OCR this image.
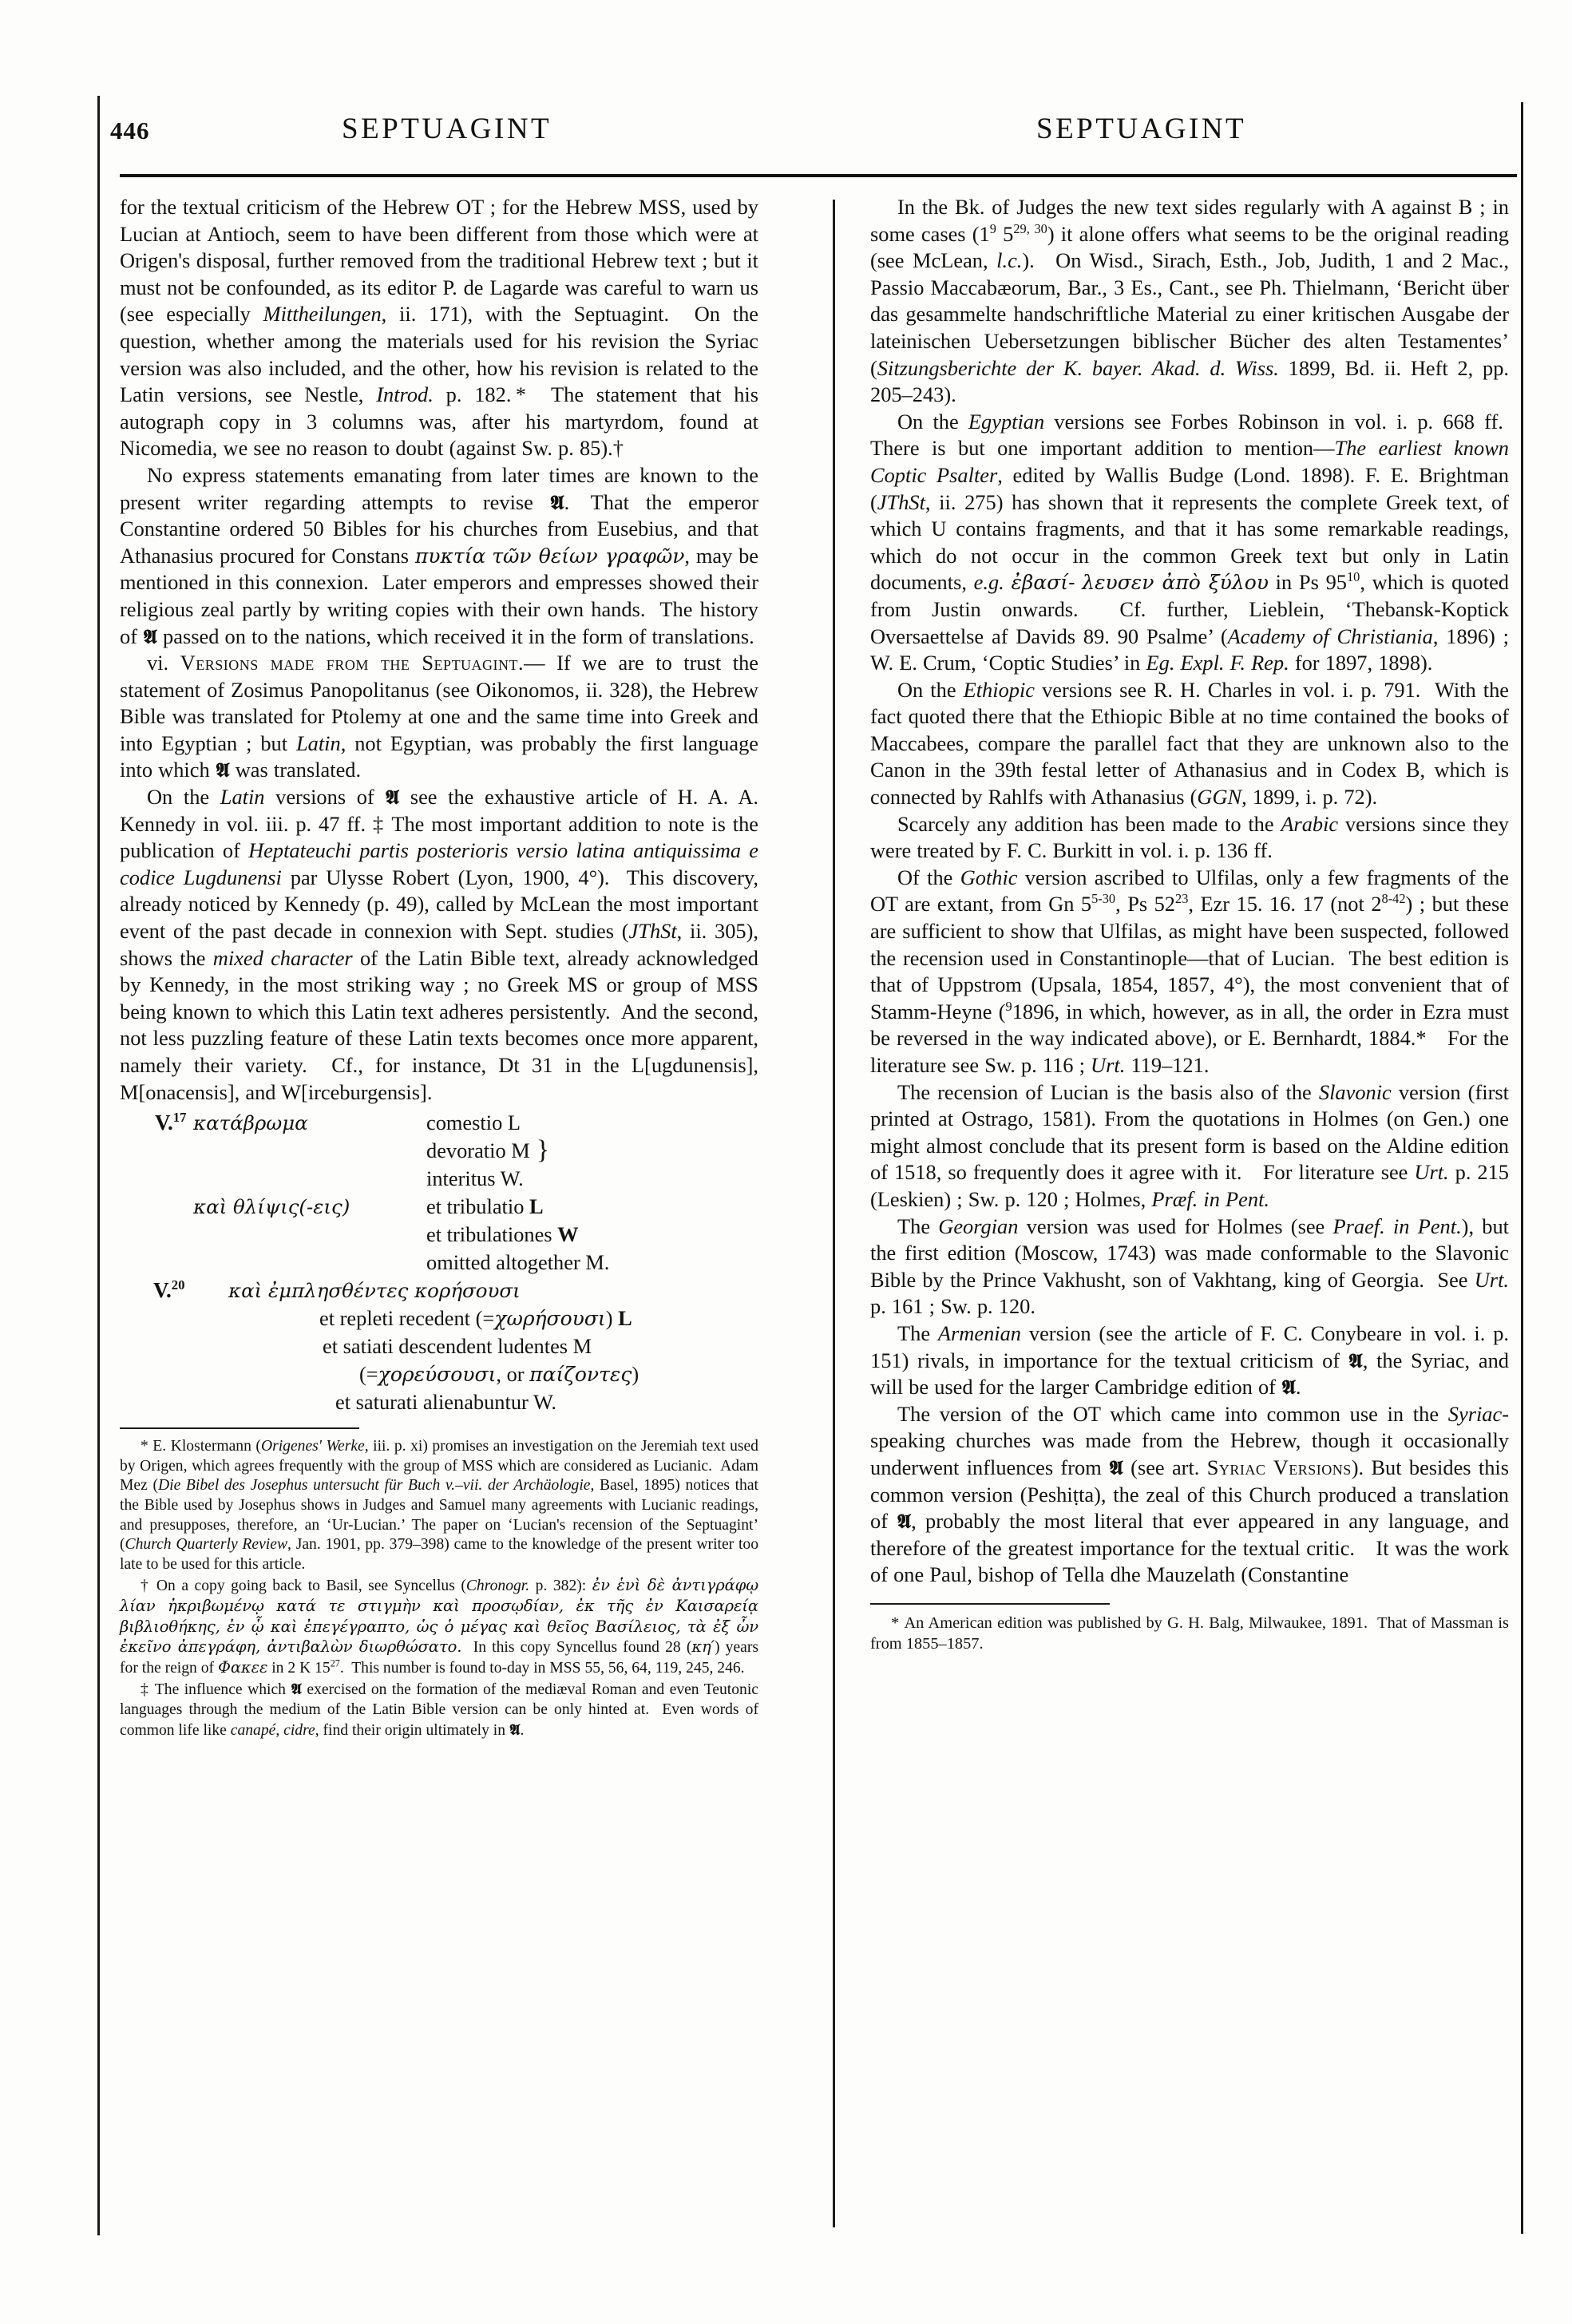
446	SEPTUAGINT	SEPTUAGINT

for the textual criticism of the Hebrew OT ; for the Hebrew MSS, used by Lucian at Antioch, seem to have been different from those which were at Origen's disposal, further removed from the traditional Hebrew text ; but it must not be confounded, as its editor P. de Lagarde was careful to warn us (see especially Mittheilungen, ii. 171), with the Septuagint.  On the question, whether among the materials used for his revision the Syriac version was also included, and the other, how his revision is related to the Latin versions, see Nestle, Introd. p. 182. *  The statement that his autograph copy in 3 columns was, after his martyrdom, found at Nicomedia, we see no reason to doubt (against Sw. p. 85).†

No express statements emanating from later times are known to the present writer regarding attempts to revise 𝕬. That the emperor Constantine ordered 50 Bibles for his churches from Eusebius, and that Athanasius procured for Constans πυκτία τῶν θείων γραφῶν, may be mentioned in this connexion.  Later emperors and empresses showed their religious zeal partly by writing copies with their own hands.  The history of 𝕬 passed on to the nations, which received it in the form of translations.

vi. Versions made from the Septuagint.— If we are to trust the statement of Zosimus Panopolitanus (see Oikonomos, ii. 328), the Hebrew Bible was translated for Ptolemy at one and the same time into Greek and into Egyptian ; but Latin, not Egyptian, was probably the first language into which 𝕬 was translated.

On the Latin versions of 𝕬 see the exhaustive article of H. A. A. Kennedy in vol. iii. p. 47 ff. ‡ The most important addition to note is the publication of Heptateuchi partis posterioris versio latina antiquissima e codice Lugdunensi par Ulysse Robert (Lyon, 1900, 4°).  This discovery, already noticed by Kennedy (p. 49), called by McLean the most important event of the past decade in connexion with Sept. studies (JThSt, ii. 305), shows the mixed character of the Latin Bible text, already acknowledged by Kennedy, in the most striking way ; no Greek MS or group of MSS being known to which this Latin text adheres persistently.  And the second, not less puzzling feature of these Latin texts becomes once more apparent, namely their variety.  Cf., for instance, Dt 31 in the L[ugdunensis], M[onacensis], and W[irceburgensis].

V.$^{17}$ κατάβρωμα	comestio L
devoratio M }
interitus W.
καὶ θλίψις(-εις)	et tribulatio L
et tribulationes W
omitted altogether M.
V.$^{20}$	καὶ ἐμπλησθέντες κορήσουσι
et repleti recedent (=χωρήσουσι) L
et satiati descendent ludentes M
(=χορεύσουσι, or παίζοντες)
et saturati alienabuntur W.

* E. Klostermann (Origenes' Werke, iii. p. xi) promises an investigation on the Jeremiah text used by Origen, which agrees frequently with the group of MSS which are considered as Lucianic.  Adam Mez (Die Bibel des Josephus untersucht für Buch v.–vii. der Archäologie, Basel, 1895) notices that the Bible used by Josephus shows in Judges and Samuel many agreements with Lucianic readings, and presupposes, therefore, an ‘Ur-Lucian.’ The paper on ‘Lucian's recension of the Septuagint’ (Church Quarterly Review, Jan. 1901, pp. 379–398) came to the knowledge of the present writer too late to be used for this article.

† On a copy going back to Basil, see Syncellus (Chronogr. p. 382): ἐν ἑνὶ δὲ ἀντιγράφῳ λίαν ἠκριβωμένῳ κατά τε στιγμὴν καὶ προσῳδίαν, ἐκ τῆς ἐν Καισαρείᾳ βιβλιοθήκης, ἐν ᾧ καὶ ἐπεγέγραπτο, ὡς ὁ μέγας καὶ θεῖος Βασίλειος, τὰ ἐξ ὧν ἐκεῖνο ἀπεγράφη, ἀντιβαλὼν διωρθώσατο.  In this copy Syncellus found 28 (κη′) years for the reign of Φακεε in 2 K $15^{27}$.  This number is found to-day in MSS 55, 56, 64, 119, 245, 246.

‡ The influence which 𝕬 exercised on the formation of the mediæval Roman and even Teutonic languages through the medium of the Latin Bible version can be only hinted at.  Even words of common life like canapé, cidre, find their origin ultimately in 𝕬.

In the Bk. of Judges the new text sides regularly with A against B ; in some cases ($1^9$ 5$^{29, 30}$) it alone offers what seems to be the original reading (see McLean, l.c.). On Wisd., Sirach, Esth., Job, Judith, 1 and 2 Mac., Passio Maccabæorum, Bar., 3 Es., Cant., see Ph. Thielmann, ‘Bericht über das gesammelte handschriftliche Material zu einer kritischen Ausgabe der lateinischen Uebersetzungen biblischer Bücher des alten Testamentes’ (Sitzungsberichte der K. bayer. Akad. d. Wiss. 1899, Bd. ii. Heft 2, pp. 205–243).

On the Egyptian versions see Forbes Robinson in vol. i. p. 668 ff.  There is but one important addition to mention—The earliest known Coptic Psalter, edited by Wallis Budge (Lond. 1898). F. E. Brightman (JThSt, ii. 275) has shown that it represents the complete Greek text, of which U contains fragments, and that it has some remarkable readings, which do not occur in the common Greek text but only in Latin documents, e.g. ἐβασί- λευσεν ἀπὸ ξύλου in Ps $95^{10}$, which is quoted from Justin onwards.  Cf. further, Lieblein, ‘Thebansk-Koptick Oversaettelse af Davids 89. 90 Psalme’ (Academy of Christiania, 1896) ; W. E. Crum, ‘Coptic Studies’ in Eg. Expl. F. Rep. for 1897, 1898).

On the Ethiopic versions see R. H. Charles in vol. i. p. 791.  With the fact quoted there that the Ethiopic Bible at no time contained the books of Maccabees, compare the parallel fact that they are unknown also to the Canon in the 39th festal letter of Athanasius and in Codex B, which is connected by Rahlfs with Athanasius (GGN, 1899, i. p. 72).

Scarcely any addition has been made to the Arabic versions since they were treated by F. C. Burkitt in vol. i. p. 136 ff.

Of the Gothic version ascribed to Ulfilas, only a few fragments of the OT are extant, from Gn 5$^{5-30}$, Ps $52^{23}$, Ezr 15. 16. 17 (not 2$^{8-42}$) ; but these are sufficient to show that Ulfilas, as might have been suspected, followed the recension used in Constantinople—that of Lucian.  The best edition is that of Uppstrom (Upsala, 1854, 1857, 4°), the most convenient that of Stamm-Heyne ($^9$1896, in which, however, as in all, the order in Ezra must be reversed in the way indicated above), or E. Bernhardt, 1884.* For the literature see Sw. p. 116 ; Urt. 119–121.

The recension of Lucian is the basis also of the Slavonic version (first printed at Ostrago, 1581). From the quotations in Holmes (on Gen.) one might almost conclude that its present form is based on the Aldine edition of 1518, so frequently does it agree with it. For literature see Urt. p. 215 (Leskien) ; Sw. p. 120 ; Holmes, Præf. in Pent.

The Georgian version was used for Holmes (see Praef. in Pent.), but the first edition (Moscow, 1743) was made conformable to the Slavonic Bible by the Prince Vakhusht, son of Vakhtang, king of Georgia.  See Urt. p. 161 ; Sw. p. 120.

The Armenian version (see the article of F. C. Conybeare in vol. i. p. 151) rivals, in importance for the textual criticism of 𝕬, the Syriac, and will be used for the larger Cambridge edition of 𝕬.

The version of the OT which came into common use in the Syriac-speaking churches was made from the Hebrew, though it occasionally underwent influences from 𝕬 (see art. Syriac Versions). But besides this common version (Peshiṭta), the zeal of this Church produced a translation of 𝕬, probably the most literal that ever appeared in any language, and therefore of the greatest importance for the textual critic. It was the work of one Paul, bishop of Tella dhe Mauzelath (Constantine

* An American edition was published by G. H. Balg, Milwaukee, 1891.  That of Massman is from 1855–1857.
